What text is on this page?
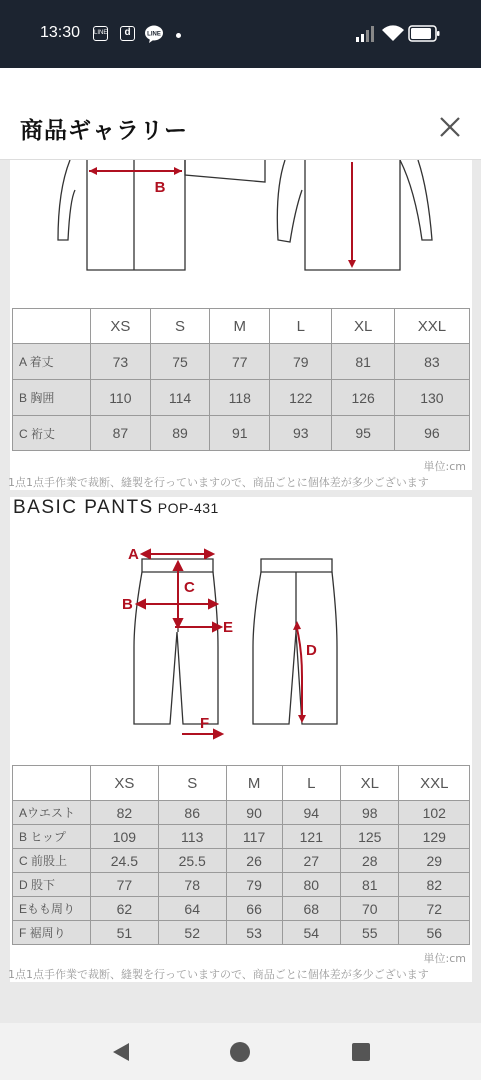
13:30 LINE	d	LINE
商品ギャラリー
B
	XS	S	M	L	XL	XXL
A 着丈	73	75	77	79	81	83
B 胸囲	110	114	118	122	126	130
C 裄丈	87	89	91	93	95	96
単位:cm
1点1点手作業で裁断、縫製を行っていますので、商品ごとに個体差が多少ございます
BASIC PANTS POP-431
A
B
C
D
E
F
	XS	S	M	L	XL	XXL
Aウエスト	82	86	90	94	98	102
B ヒップ	109	113	117	121	125	129
C 前股上	24.5	25.5	26	27	28	29
D 股下	77	78	79	80	81	82
Eもも周り	62	64	66	68	70	72
F 裾周り	51	52	53	54	55	56
単位:cm
1点1点手作業で裁断、縫製を行っていますので、商品ごとに個体差が多少ございます
